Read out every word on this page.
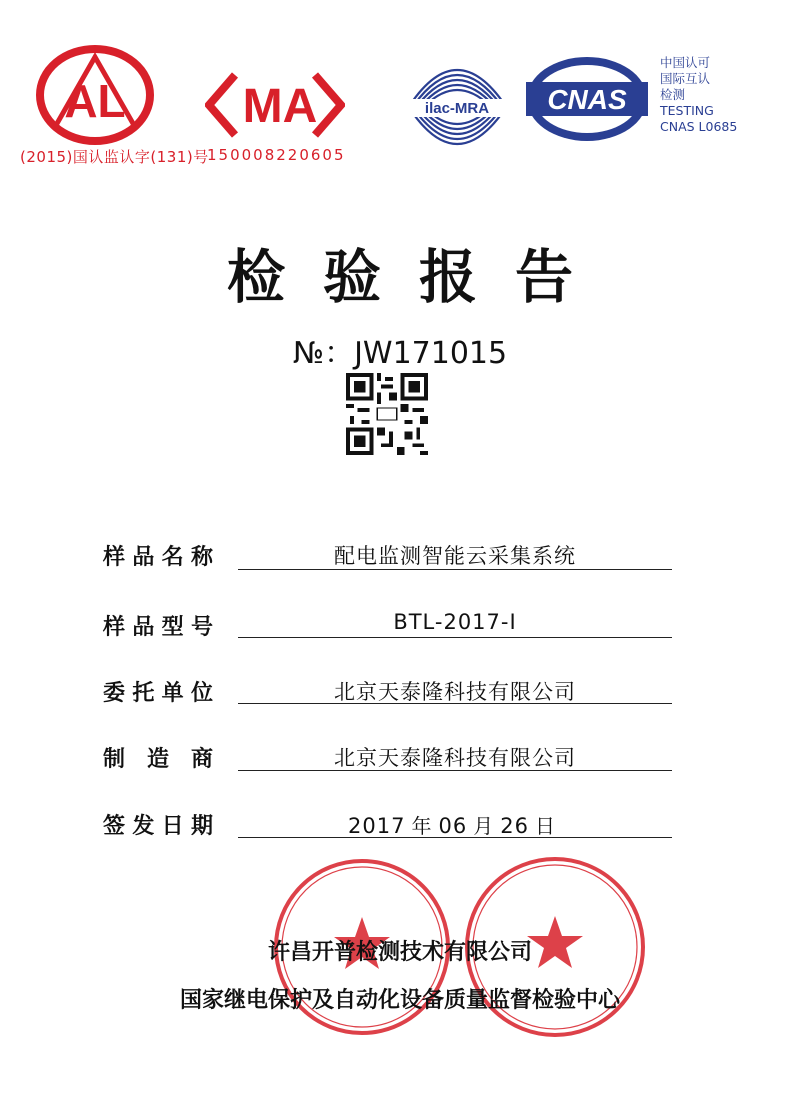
AL
(2015)国认监认字(131)号
MA
150008220605
ilac-MRA CNAS
中国认可
国际互认
检测
TESTING
CNAS L0685
检验报告
№：JW171015
样品名称	配电监测智能云采集系统
样品型号	BTL-2017-I
委托单位	北京天泰隆科技有限公司
制造商	北京天泰隆科技有限公司
签发日期	2017 年 06 月 26 日
许昌开普检测技术有限公司
国家继电保护及自动化设备质量监督检验中心
